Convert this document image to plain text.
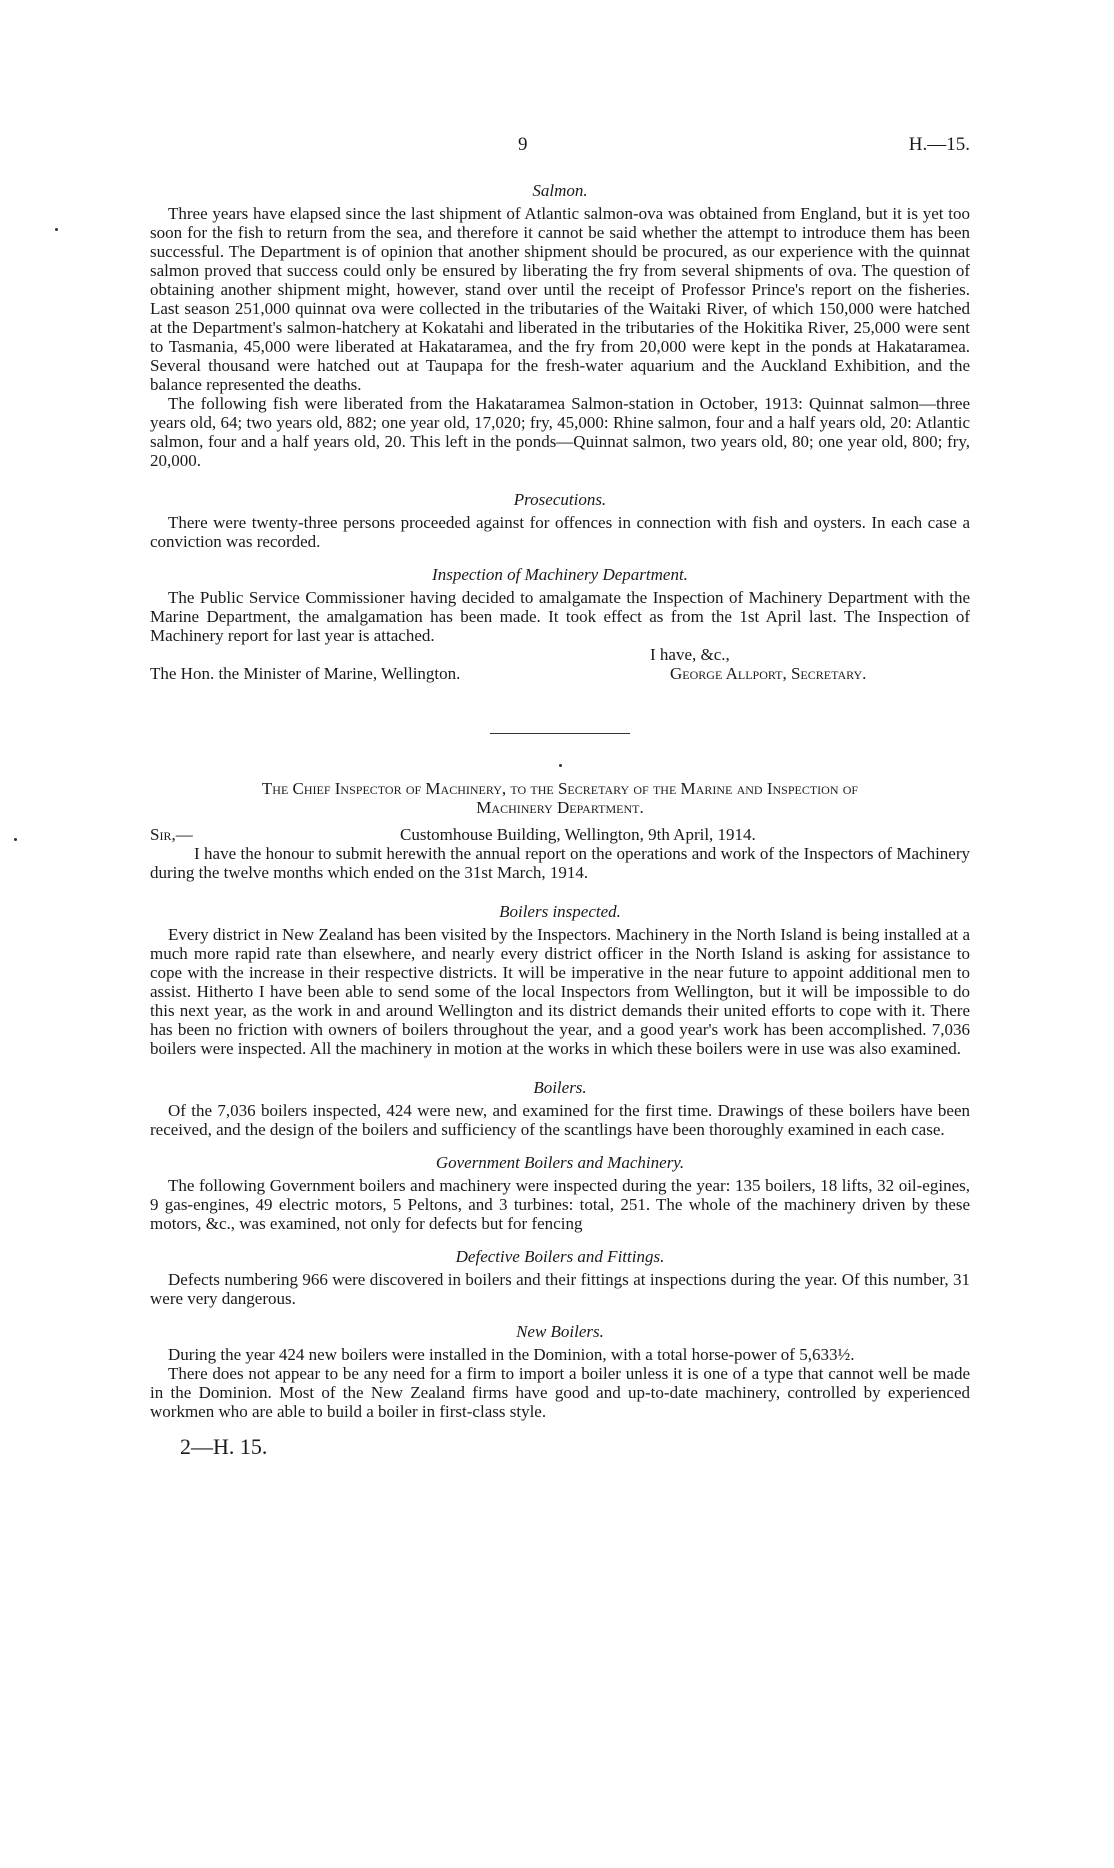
9	H.—15.
Salmon.

Three years have elapsed since the last shipment of Atlantic salmon-ova was obtained from England, but it is yet too soon for the fish to return from the sea, and therefore it cannot be said whether the attempt to introduce them has been successful. The Department is of opinion that another shipment should be procured, as our experience with the quinnat salmon proved that success could only be ensured by liberating the fry from several shipments of ova. The question of obtaining another shipment might, however, stand over until the receipt of Professor Prince's report on the fisheries. Last season 251,000 quinnat ova were collected in the tributaries of the Waitaki River, of which 150,000 were hatched at the Department's salmon-hatchery at Kokatahi and liberated in the tributaries of the Hokitika River, 25,000 were sent to Tasmania, 45,000 were liberated at Hakataramea, and the fry from 20,000 were kept in the ponds at Hakataramea. Several thousand were hatched out at Taupapa for the fresh-water aquarium and the Auckland Exhibition, and the balance represented the deaths.

The following fish were liberated from the Hakataramea Salmon-station in October, 1913: Quinnat salmon—three years old, 64; two years old, 882; one year old, 17,020; fry, 45,000: Rhine salmon, four and a half years old, 20: Atlantic salmon, four and a half years old, 20. This left in the ponds—Quinnat salmon, two years old, 80; one year old, 800; fry, 20,000.

Prosecutions.

There were twenty-three persons proceeded against for offences in connection with fish and oysters. In each case a conviction was recorded.

Inspection of Machinery Department.

The Public Service Commissioner having decided to amalgamate the Inspection of Machinery Department with the Marine Department, the amalgamation has been made. It took effect as from the 1st April last. The Inspection of Machinery report for last year is attached.

I have, &c.,
The Hon. the Minister of Marine, Wellington.	George Allport, Secretary.
The Chief Inspector of Machinery, to the Secretary of the Marine and Inspection of
Machinery Department.
Sir,—	Customhouse Building, Wellington, 9th April, 1914.

I have the honour to submit herewith the annual report on the operations and work of the Inspectors of Machinery during the twelve months which ended on the 31st March, 1914.

Boilers inspected.

Every district in New Zealand has been visited by the Inspectors. Machinery in the North Island is being installed at a much more rapid rate than elsewhere, and nearly every district officer in the North Island is asking for assistance to cope with the increase in their respective districts. It will be imperative in the near future to appoint additional men to assist. Hitherto I have been able to send some of the local Inspectors from Wellington, but it will be impossible to do this next year, as the work in and around Wellington and its district demands their united efforts to cope with it. There has been no friction with owners of boilers throughout the year, and a good year's work has been accomplished. 7,036 boilers were inspected. All the machinery in motion at the works in which these boilers were in use was also examined.

Boilers.

Of the 7,036 boilers inspected, 424 were new, and examined for the first time. Drawings of these boilers have been received, and the design of the boilers and sufficiency of the scantlings have been thoroughly examined in each case.

Government Boilers and Machinery.

The following Government boilers and machinery were inspected during the year: 135 boilers, 18 lifts, 32 oil-egines, 9 gas-engines, 49 electric motors, 5 Peltons, and 3 turbines: total, 251. The whole of the machinery driven by these motors, &c., was examined, not only for defects but for fencing

Defective Boilers and Fittings.

Defects numbering 966 were discovered in boilers and their fittings at inspections during the year. Of this number, 31 were very dangerous.

New Boilers.

During the year 424 new boilers were installed in the Dominion, with a total horse-power of 5,633½.

There does not appear to be any need for a firm to import a boiler unless it is one of a type that cannot well be made in the Dominion. Most of the New Zealand firms have good and up-to-date machinery, controlled by experienced workmen who are able to build a boiler in first-class style.

2—H. 15.
